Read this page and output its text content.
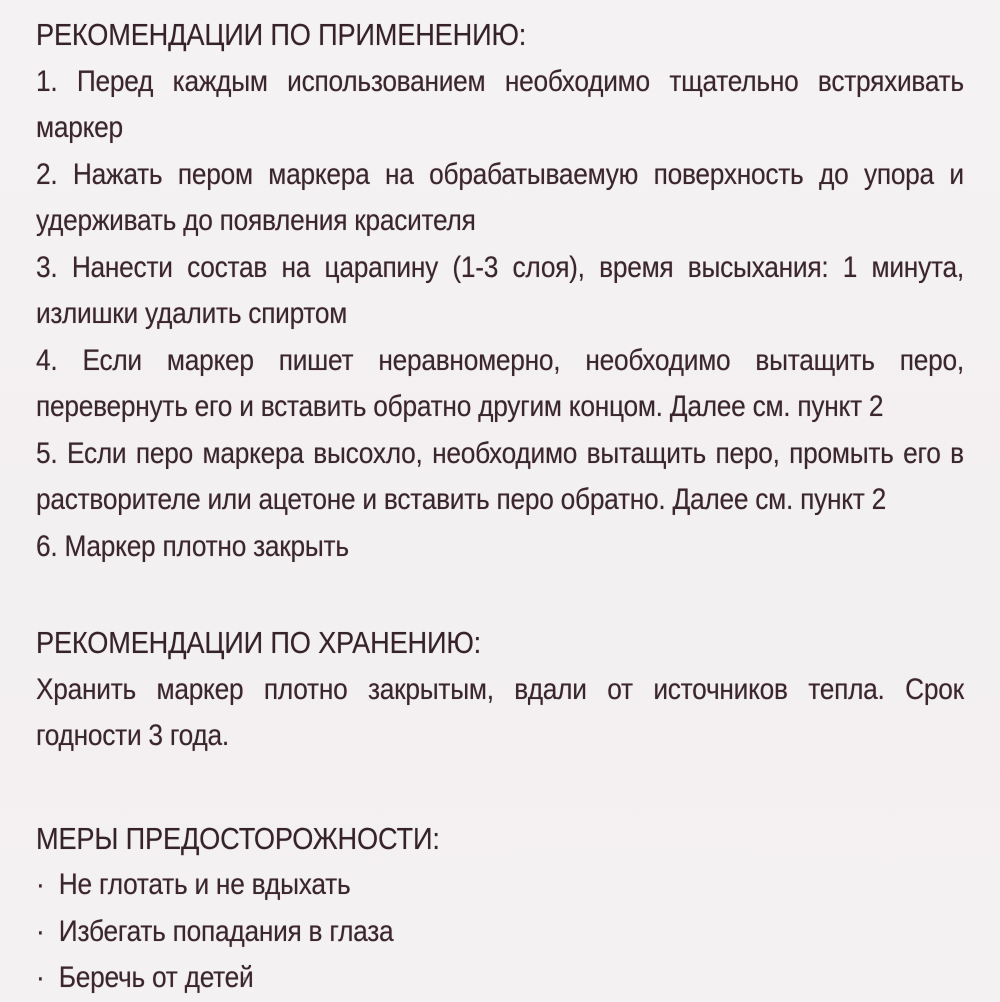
РЕКОМЕНДАЦИИ ПО ПРИМЕНЕНИЮ:

1. Перед каждым использованием необходимо тщательно встряхивать маркер

2. Нажать пером маркера на обрабатываемую поверхность до упора и удерживать до появления красителя

3. Нанести состав на царапину (1-3 слоя), время высыхания: 1 минута, излишки удалить спиртом

4. Если маркер пишет неравномерно, необходимо вытащить перо, перевернуть его и вставить обратно другим концом. Далее см. пункт 2

5. Если перо маркера высохло, необходимо вытащить перо, промыть его в растворителе или ацетоне и вставить перо обратно. Далее см. пункт 2

6. Маркер плотно закрыть

РЕКОМЕНДАЦИИ ПО ХРАНЕНИЮ:

Хранить маркер плотно закрытым, вдали от источников тепла. Срок годности 3 года.

МЕРЫ ПРЕДОСТОРОЖНОСТИ:

· Не глотать и не вдыхать

· Избегать попадания в глаза

· Беречь от детей
